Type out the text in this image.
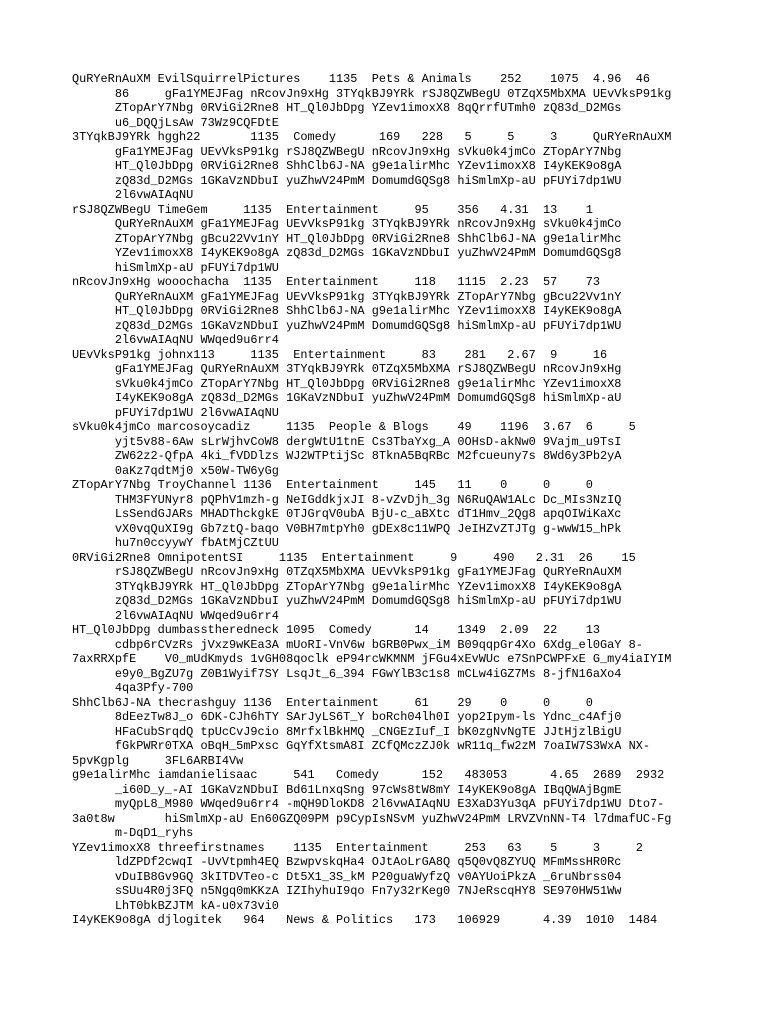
QuRYeRnAuXM EvilSquirrelPictures    1135  Pets & Animals    252    1075  4.96  46
86     gFa1YMEJFag nRcovJn9xHg 3TYqkBJ9YRk rSJ8QZWBegU 0TZqX5MbXMA UEvVksP91kg
ZTopArY7Nbg 0RViGi2Rne8 HT_Ql0JbDpg YZev1imoxX8 8qQrrfUTmh0 zQ83d_D2MGs
u6_DQQjLsAw 73Wz9CQFDtE
3TYqkBJ9YRk hggh22       1135  Comedy      169   228   5     5     3     QuRYeRnAuXM
gFa1YMEJFag UEvVksP91kg rSJ8QZWBegU nRcovJn9xHg sVku0k4jmCo ZTopArY7Nbg
HT_Ql0JbDpg 0RViGi2Rne8 ShhClb6J-NA g9e1alirMhc YZev1imoxX8 I4yKEK9o8gA
zQ83d_D2MGs 1GKaVzNDbuI yuZhwV24PmM DomumdGQSg8 hiSmlmXp-aU pFUYi7dp1WU
2l6vwAIAqNU
rSJ8QZWBegU TimeGem     1135  Entertainment     95    356   4.31  13    1
QuRYeRnAuXM gFa1YMEJFag UEvVksP91kg 3TYqkBJ9YRk nRcovJn9xHg sVku0k4jmCo
ZTopArY7Nbg gBcu22Vv1nY HT_Ql0JbDpg 0RViGi2Rne8 ShhClb6J-NA g9e1alirMhc
YZev1imoxX8 I4yKEK9o8gA zQ83d_D2MGs 1GKaVzNDbuI yuZhwV24PmM DomumdGQSg8
hiSmlmXp-aU pFUYi7dp1WU
nRcovJn9xHg wooochacha  1135  Entertainment     118   1115  2.23  57    73
QuRYeRnAuXM gFa1YMEJFag UEvVksP91kg 3TYqkBJ9YRk ZTopArY7Nbg gBcu22Vv1nY
HT_Ql0JbDpg 0RViGi2Rne8 ShhClb6J-NA g9e1alirMhc YZev1imoxX8 I4yKEK9o8gA
zQ83d_D2MGs 1GKaVzNDbuI yuZhwV24PmM DomumdGQSg8 hiSmlmXp-aU pFUYi7dp1WU
2l6vwAIAqNU WWqed9u6rr4
UEvVksP91kg johnx113     1135  Entertainment     83    281   2.67  9     16
gFa1YMEJFag QuRYeRnAuXM 3TYqkBJ9YRk 0TZqX5MbXMA rSJ8QZWBegU nRcovJn9xHg
sVku0k4jmCo ZTopArY7Nbg HT_Ql0JbDpg 0RViGi2Rne8 g9e1alirMhc YZev1imoxX8
I4yKEK9o8gA zQ83d_D2MGs 1GKaVzNDbuI yuZhwV24PmM DomumdGQSg8 hiSmlmXp-aU
pFUYi7dp1WU 2l6vwAIAqNU
sVku0k4jmCo marcosoycadiz     1135  People & Blogs    49    1196  3.67  6     5
yjt5v88-6Aw sLrWjhvCoW8 dergWtU1tnE Cs3TbaYxg_A 0OHsD-akNw0 9Vajm_u9TsI
ZW62z2-QfpA 4ki_fVDDlzs WJ2WTPtijSc 8TknA5BqRBc M2fcueuny7s 8Wd6y3Pb2yA
0aKz7qdtMj0 x50W-TW6yGg
ZTopArY7Nbg TroyChannel 1136  Entertainment     145   11    0     0     0
THM3FYUNyr8 pQPhV1mzh-g NeIGddkjxJI 8-vZvDjh_3g N6RuQAW1ALc Dc_MIs3NzIQ
LsSendGJARs MHADThckgkE 0TJGrqV0ubA BjU-c_aBXtc dT1Hmv_2Qg8 apqOIWiKaXc
vX0vqQuXI9g Gb7ztQ-baqo V0BH7mtpYh0 gDEx8c11WPQ JeIHZvZTJTg g-wwW15_hPk
hu7n0ccyywY fbAtMjCZtUU
0RViGi2Rne8 OmnipotentSI     1135  Entertainment     9     490   2.31  26    15
rSJ8QZWBegU nRcovJn9xHg 0TZqX5MbXMA UEvVksP91kg gFa1YMEJFag QuRYeRnAuXM
3TYqkBJ9YRk HT_Ql0JbDpg ZTopArY7Nbg g9e1alirMhc YZev1imoxX8 I4yKEK9o8gA
zQ83d_D2MGs 1GKaVzNDbuI yuZhwV24PmM DomumdGQSg8 hiSmlmXp-aU pFUYi7dp1WU
2l6vwAIAqNU WWqed9u6rr4
HT_Ql0JbDpg dumbasstheredneck 1095  Comedy      14    1349  2.09  22    13
cdbp6rCVzRs jVxz9wKEa3A mUoRI-VnV6w bGRB0Pwx_iM B09qqpGr4Xo 6Xdg_el0GaY 8-
7axRRXpfE    V0_mUdKmyds 1vGH08qoclk eP94rcWKMNM jFGu4xEvWUc e7SnPCWPFxE G_my4iaIYIM
e9y0_BgZU7g Z0B1Wyif7SY LsqJt_6_394 FGwYlB3c1s8 mCLw4iGZ7Ms 8-jfN16aXo4
4qa3Pfy-700
ShhClb6J-NA thecrashguy 1136  Entertainment     61    29    0     0     0
8dEezTw8J_o 6DK-CJh6hTY SArJyLS6T_Y boRch04lh0I yop2Ipym-ls Ydnc_c4Afj0
HFaCubSrqdQ tpUcCvJ9cio 8MrfxlBkHMQ _CNGEzIuf_I bK0zgNvNgTE JJtHjzlBigU
fGkPWRr0TXA oBqH_5mPxsc GqYfXtsmA8I ZCfQMczZJ0k wR11q_fw2zM 7oaIW7S3WxA NX-
5pvKgplg     3FL6ARBI4Vw
g9e1alirMhc iamdanielisaac     541   Comedy      152   483053      4.65  2689  2932
_i60D_y_-AI 1GKaVzNDbuI Bd61LnxqSng 97cWs8tW8mY I4yKEK9o8gA IBqQWAjBgmE
myQpL8_M980 WWqed9u6rr4 -mQH9DloKD8 2l6vwAIAqNU E3XaD3Yu3qA pFUYi7dp1WU Dto7-
3a0t8w       hiSmlmXp-aU En60GZQ09PM p9CypIsNSvM yuZhwV24PmM LRVZVnNN-T4 l7dmafUC-Fg
m-DqD1_ryhs
YZev1imoxX8 threefirstnames    1135  Entertainment     253   63    5     3     2
ldZPDf2cwqI -UvVtpmh4EQ BzwpvskqHa4 OJtAoLrGA8Q q5Q0vQ8ZYUQ MFmMssHR0Rc
vDuIB8Gv9GQ 3kITDVTeo-c Dt5X1_3S_kM P20guaWyfzQ v0AYUoiPkzA _6ruNbrss04
sSUu4R0j3FQ n5Ngq0mKKzA IZIhyhuI9qo Fn7y32rKeg0 7NJeRscqHY8 SE970HW51Ww
LhT0bkBZJTM kA-u0x73vi0
I4yKEK9o8gA djlogitek   964   News & Politics   173   106929      4.39  1010  1484
